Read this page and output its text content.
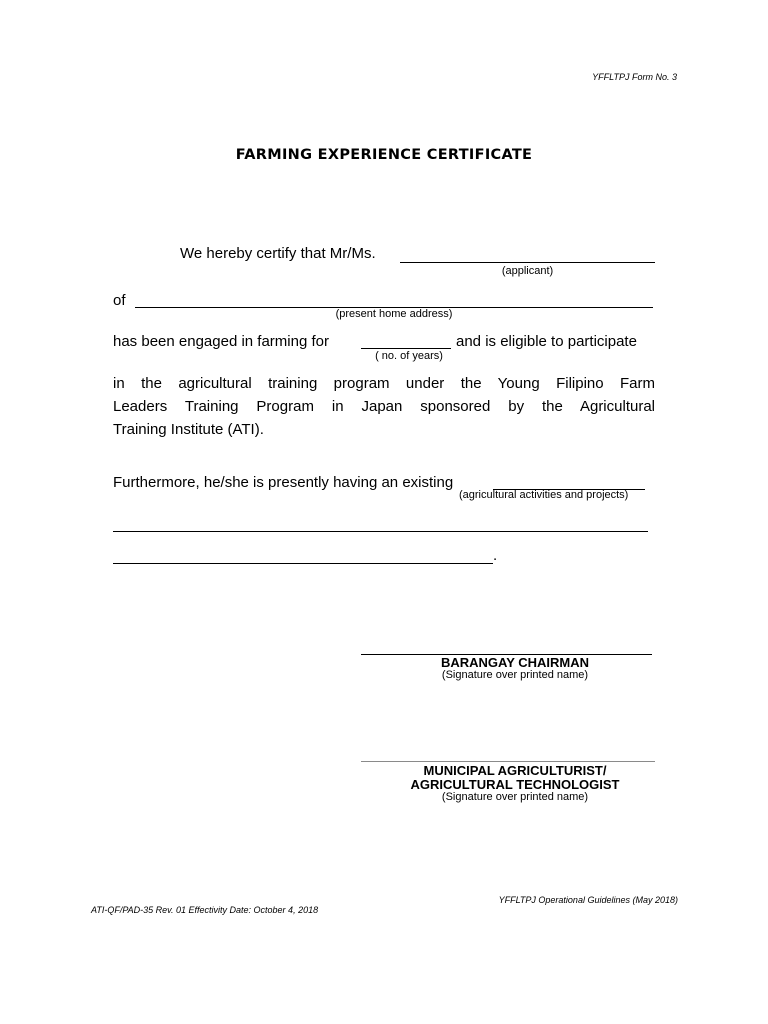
YFFLTPJ Form No. 3
FARMING EXPERIENCE CERTIFICATE
We hereby certify that Mr/Ms.
(applicant)
of
(present home address)
has been engaged in farming for	and is eligible to participate
( no. of years)
in the agricultural training program under the Young Filipino Farm
Leaders Training Program in Japan sponsored by the Agricultural
Training Institute (ATI).
Furthermore, he/she is presently having an existing
(agricultural activities and projects)
.
BARANGAY CHAIRMAN
(Signature over printed name)
MUNICIPAL AGRICULTURIST/
AGRICULTURAL TECHNOLOGIST
(Signature over printed name)
YFFLTPJ Operational Guidelines (May 2018)
ATI-QF/PAD-35 Rev. 01 Effectivity Date: October 4, 2018
